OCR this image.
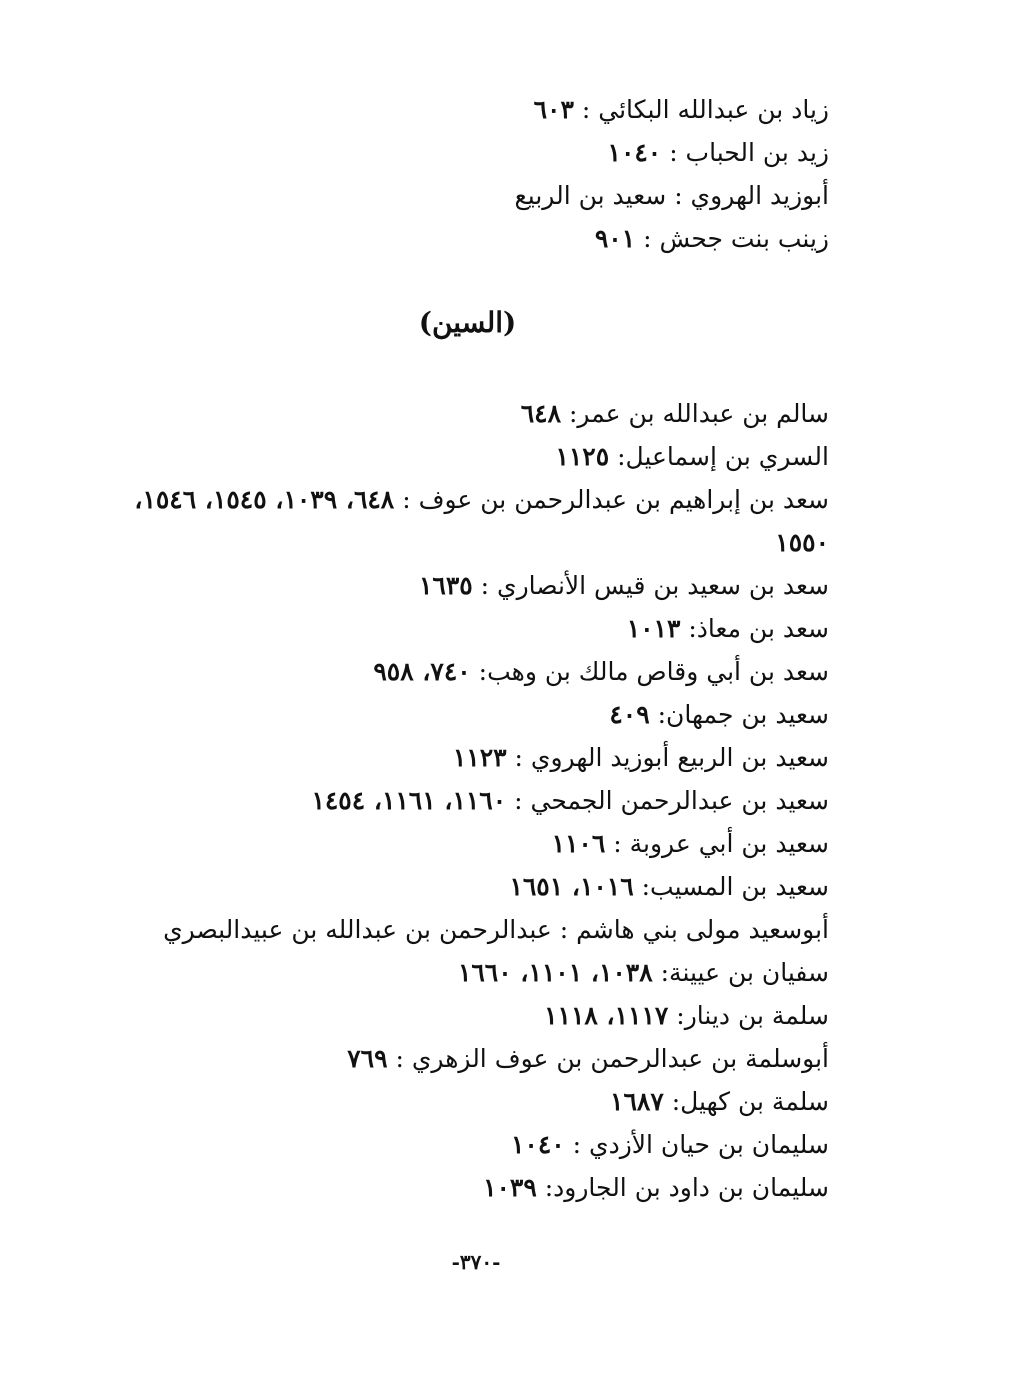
زياد بن عبدالله البكائي : ٦٠٣
زيد بن الحباب : ١٠٤٠
أبوزيد الهروي : سعيد بن الربيع
زينب بنت جحش : ٩٠١
(السين)
سالم بن عبدالله بن عمر: ٦٤٨
السري بن إسماعيل: ١١٢٥
سعد بن إبراهيم بن عبدالرحمن بن عوف : ٦٤٨، ١٠٣٩، ١٥٤٥، ١٥٤٦، ١٥٥٠
سعد بن سعيد بن قيس الأنصاري : ١٦٣٥
سعد بن معاذ: ١٠١٣
سعد بن أبي وقاص مالك بن وهب: ٧٤٠، ٩٥٨
سعيد بن جمهان: ٤٠٩
سعيد بن الربيع أبوزيد الهروي : ١١٢٣
سعيد بن عبدالرحمن الجمحي : ١١٦٠، ١١٦١، ١٤٥٤
سعيد بن أبي عروبة : ١١٠٦
سعيد بن المسيب: ١٠١٦، ١٦٥١
أبوسعيد مولى بني هاشم : عبدالرحمن بن عبدالله بن عبيدالبصري
سفيان بن عيينة: ١٠٣٨، ١١٠١، ١٦٦٠
سلمة بن دينار: ١١١٧، ١١١٨
أبوسلمة بن عبدالرحمن بن عوف الزهري : ٧٦٩
سلمة بن كهيل: ١٦٨٧
سليمان بن حيان الأزدي : ١٠٤٠
سليمان بن داود بن الجارود: ١٠٣٩
-٣٧٠-
